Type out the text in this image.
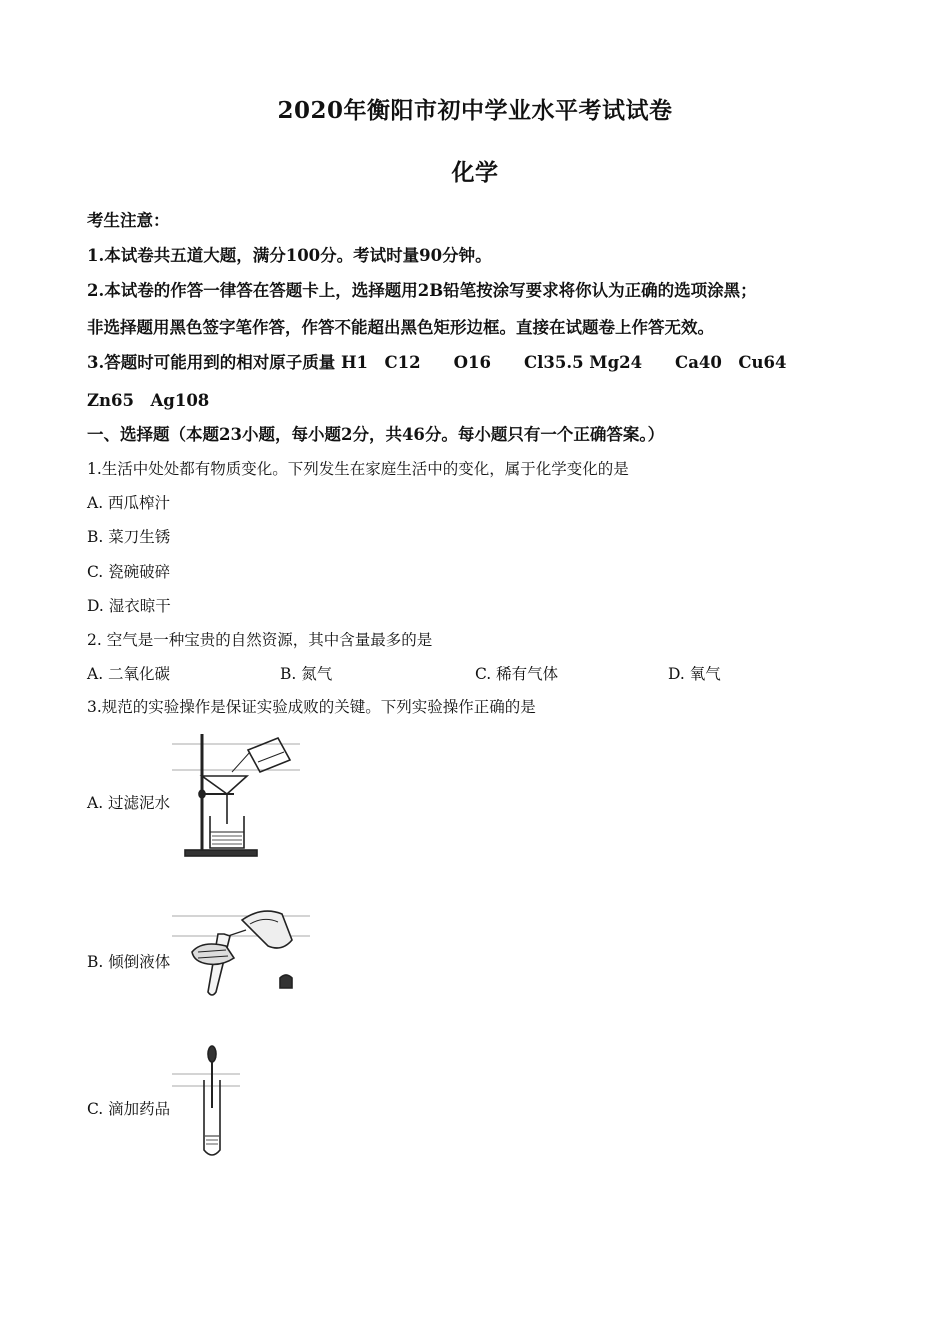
2020年衡阳市初中学业水平考试试卷
化学
考生注意：
1.本试卷共五道大题，满分100分。考试时量90分钟。
2.本试卷的作答一律答在答题卡上，选择题用2B铅笔按涂写要求将你认为正确的选项涂黑；
非选择题用黑色签字笔作答，作答不能超出黑色矩形边框。直接在试题卷上作答无效。
3.答题时可能用到的相对原子质量 H1　C12　　O16　　Cl35.5 Mg24　　Ca40　Cu64
Zn65　Ag108
一、选择题（本题23小题，每小题2分，共46分。每小题只有一个正确答案。）
1.生活中处处都有物质变化。下列发生在家庭生活中的变化，属于化学变化的是
A. 西瓜榨汁
B. 菜刀生锈
C. 瓷碗破碎
D. 湿衣晾干
2. 空气是一种宝贵的自然资源，其中含量最多的是
A. 二氧化碳	B. 氮气	C. 稀有气体	D. 氧气
3.规范的实验操作是保证实验成败的关键。下列实验操作正确的是
A. 过滤泥水
B. 倾倒液体
C. 滴加药品
